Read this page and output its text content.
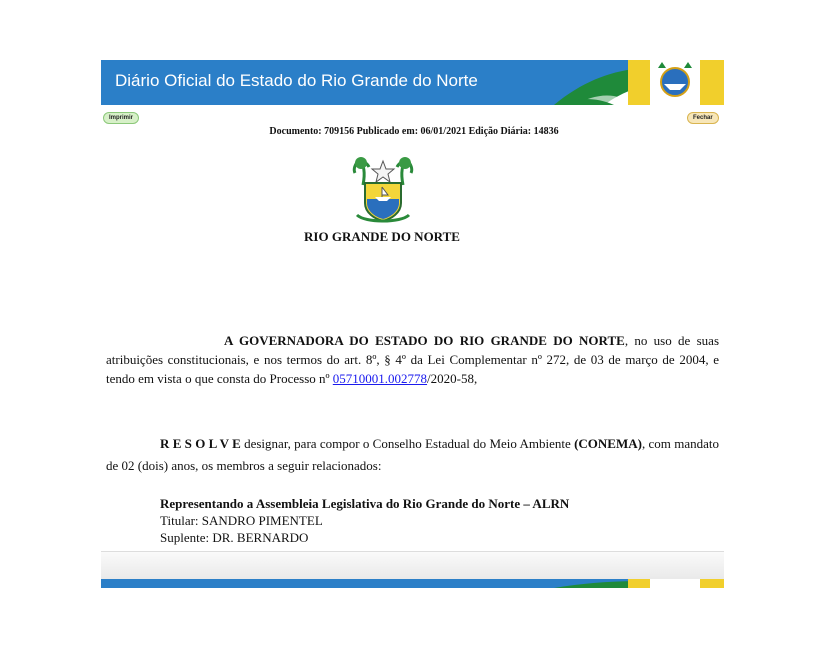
Diário Oficial do Estado do Rio Grande do Norte
Imprimir	Fechar
Documento: 709156 Publicado em: 06/01/2021 Edição Diária: 14836
RIO GRANDE DO NORTE
A GOVERNADORA DO ESTADO DO RIO GRANDE DO NORTE, no uso de suas atribuições constitucionais, e nos termos do art. 8º, § 4º da Lei Complementar nº 272, de 03 de março de 2004, e tendo em vista o que consta do Processo nº 05710001.002778/2020-58,
R E S O L V E designar, para compor o Conselho Estadual do Meio Ambiente (CONEMA), com mandato de 02 (dois) anos, os membros a seguir relacionados:
Representando a Assembleia Legislativa do Rio Grande do Norte – ALRN
Titular: SANDRO PIMENTEL
Suplente: DR. BERNARDO
